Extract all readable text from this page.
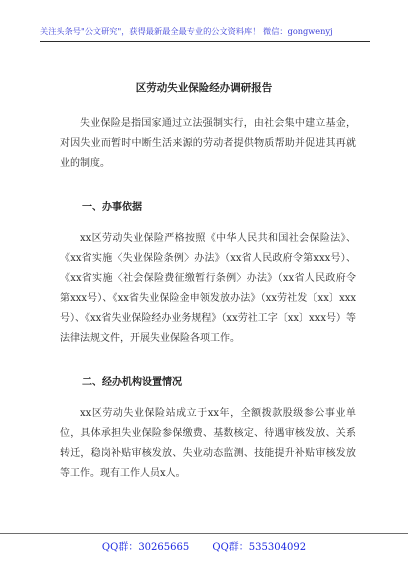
关注头条号"公文研究"，获得最新最全最专业的公文资料库！ 微信：gongwenyj
区劳动失业保险经办调研报告

失业保险是指国家通过立法强制实行，由社会集中建立基金，对因失业而暂时中断生活来源的劳动者提供物质帮助并促进其再就业的制度。

一、办事依据

xx区劳动失业保险严格按照《中华人民共和国社会保险法》、《xx省实施〈失业保险条例〉办法》（xx省人民政府令第xxx号）、《xx省实施〈社会保险费征缴暂行条例〉办法》（xx省人民政府令第xxx号）、《xx省失业保险金申领发放办法》（xx劳社发〔xx〕xxx号）、《xx省失业保险经办业务规程》（xx劳社工字〔xx〕xxx号）等法律法规文件，开展失业保险各项工作。

二、经办机构设置情况

xx区劳动失业保险站成立于xx年，全额拨款股级参公事业单位，具体承担失业保险参保缴费、基数核定、待遇审核发放、关系转迁，稳岗补贴审核发放、失业动态监测、技能提升补贴审核发放等工作。现有工作人员x人。

QQ群：30265665 QQ群：535304092
